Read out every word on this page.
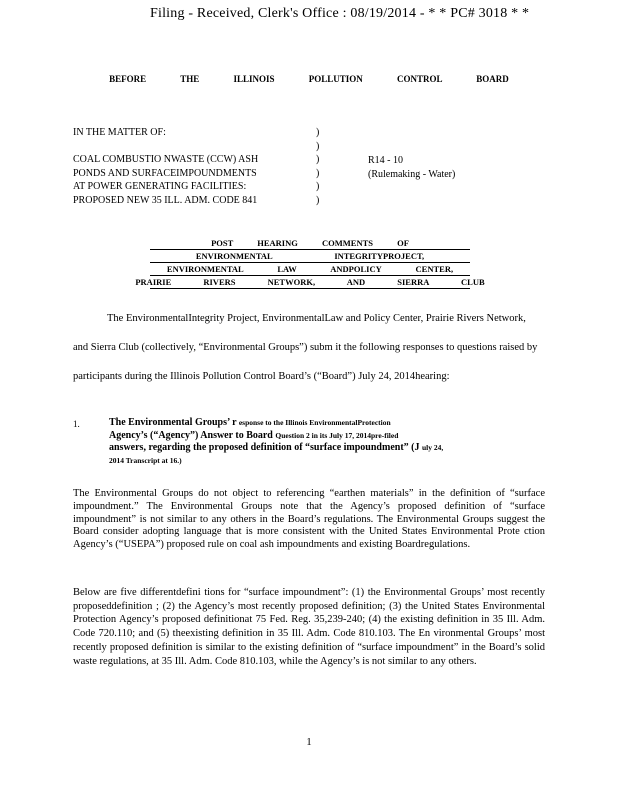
Filing - Received, Clerk's Office : 08/19/2014 - * * PC# 3018 * *
BEFORE THE ILLINOIS POLLUTION CONTROL BOARD
IN THE MATTER OF:
COAL COMBUSTIO NWASTE (CCW) ASH
PONDS AND SURFACEIMPOUNDMENTS
AT POWER GENERATING FACILITIES:
PROPOSED NEW 35 ILL. ADM. CODE 841
)
)
)
)
)
)
R14 - 10
(Rulemaking - Water)
POST HEARING COMMENTS OF
ENVIRONMENTAL INTEGRITYPROJECT,
ENVIRONMENTAL LAW ANDPOLICY CENTER,
PRAIRIE RIVERS NETWORK, AND SIERRA CLUB

The EnvironmentalIntegrity Project, EnvironmentalLaw and Policy Center, Prairie Rivers Network, and Sierra Club (collectively, “Environmental Groups”) subm it the following responses to questions raised by participants during the Illinois Pollution Control Board’s (“Board”) July 24, 2014hearing:

1.	The Environmental Groups’ r esponse to the Illinois EnvironmentalProtection
Agency’s (“Agency”) Answer to Board Question 2 in its July 17, 2014pre-filed
answers, regarding the proposed definition of “surface impoundment” (J uly 24,
2014 Transcript at 16.)
The Environmental Groups do not object to referencing “earthen materials” in the definition of “surface impoundment.” The Environmental Groups note that the Agency’s proposed definition of “surface impoundment” is not similar to any others in the Board’s regulations. The Environmental Groups suggest the Board consider adopting language that is more consistent with the United States Environmental Prote ction Agency’s (“USEPA”) proposed rule on coal ash impoundments and existing Boardregulations.
Below are five differentdefini tions for “surface impoundment”: (1) the Environmental Groups’ most recently proposeddefinition ; (2) the Agency’s most recently proposed definition; (3) the United States Environmental Protection Agency’s proposed definitionat 75 Fed. Reg. 35,239-240; (4) the existing definition in 35 Ill. Adm. Code 720.110; and (5) theexisting definition in 35 Ill. Adm. Code 810.103. The En vironmental Groups’ most recently proposed definition is similar to the existing definition of “surface impoundment” in the Board’s solid waste regulations, at 35 Ill. Adm. Code 810.103, while the Agency’s is not similar to any others.
1
